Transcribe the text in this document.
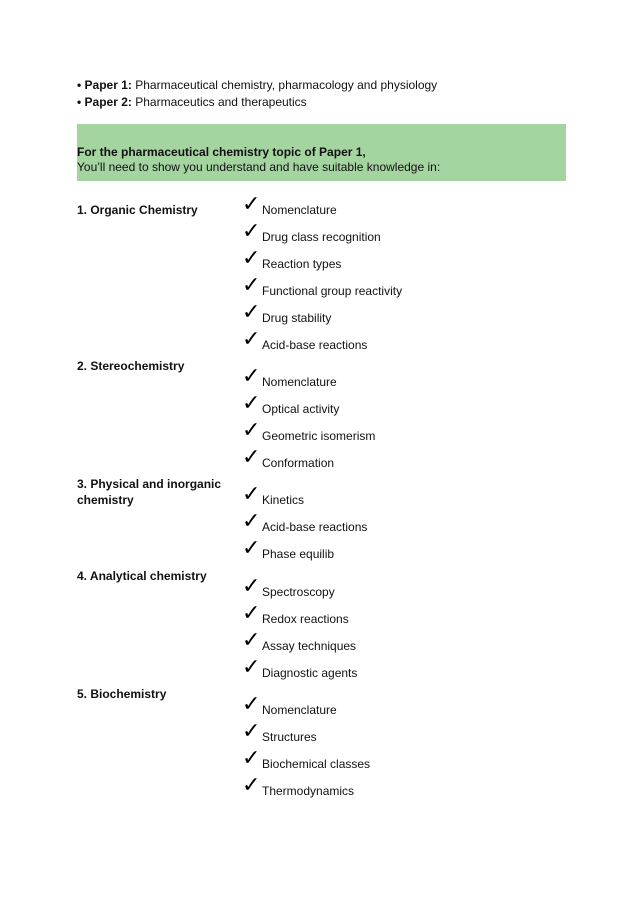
• Paper 1: Pharmaceutical chemistry, pharmacology and physiology
• Paper 2: Pharmaceutics and therapeutics
For the pharmaceutical chemistry topic of Paper 1,
You’ll need to show you understand and have suitable knowledge in:
1. Organic Chemistry	✓ Nomenclature
✓ Drug class recognition
✓ Reaction types
✓ Functional group reactivity
✓ Drug stability
✓ Acid-base reactions
2. Stereochemistry	✓ Nomenclature
✓ Optical activity
✓ Geometric isomerism
✓ Conformation
3. Physical and inorganic chemistry	✓ Kinetics
✓ Acid-base reactions
✓ Phase equilib
4. Analytical chemistry	✓ Spectroscopy
✓ Redox reactions
✓ Assay techniques
✓ Diagnostic agents
5. Biochemistry	✓ Nomenclature
✓ Structures
✓ Biochemical classes
✓ Thermodynamics
